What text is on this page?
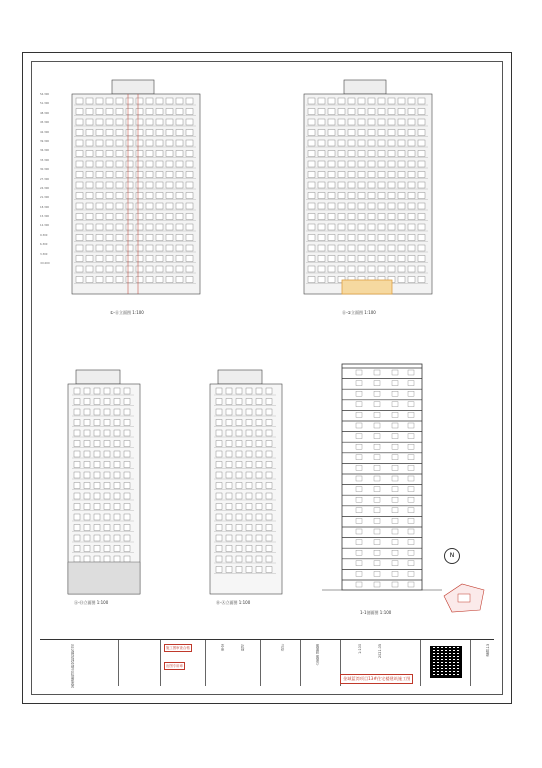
54.300
51.300
48.300
45.300
42.300
39.300
36.300
33.300
30.300
27.300
24.300
21.300
18.300
15.300
12.300
9.300
6.300
3.300
±0.000
①-⑪立面图 1:100	⑪-①立面图 1:100
Ⓐ-Ⓗ立面图 1:100	Ⓗ-Ⓐ立面图 1:100
1-1剖面图 1:100
N
某某建筑设计研究院有限公司	施工图审查合格
出图专用章
审定	校对	设计	立面图 剖面图	1:100	2021.05	建施-13
金域蓝湾项目13#住宅楼建筑施工图
